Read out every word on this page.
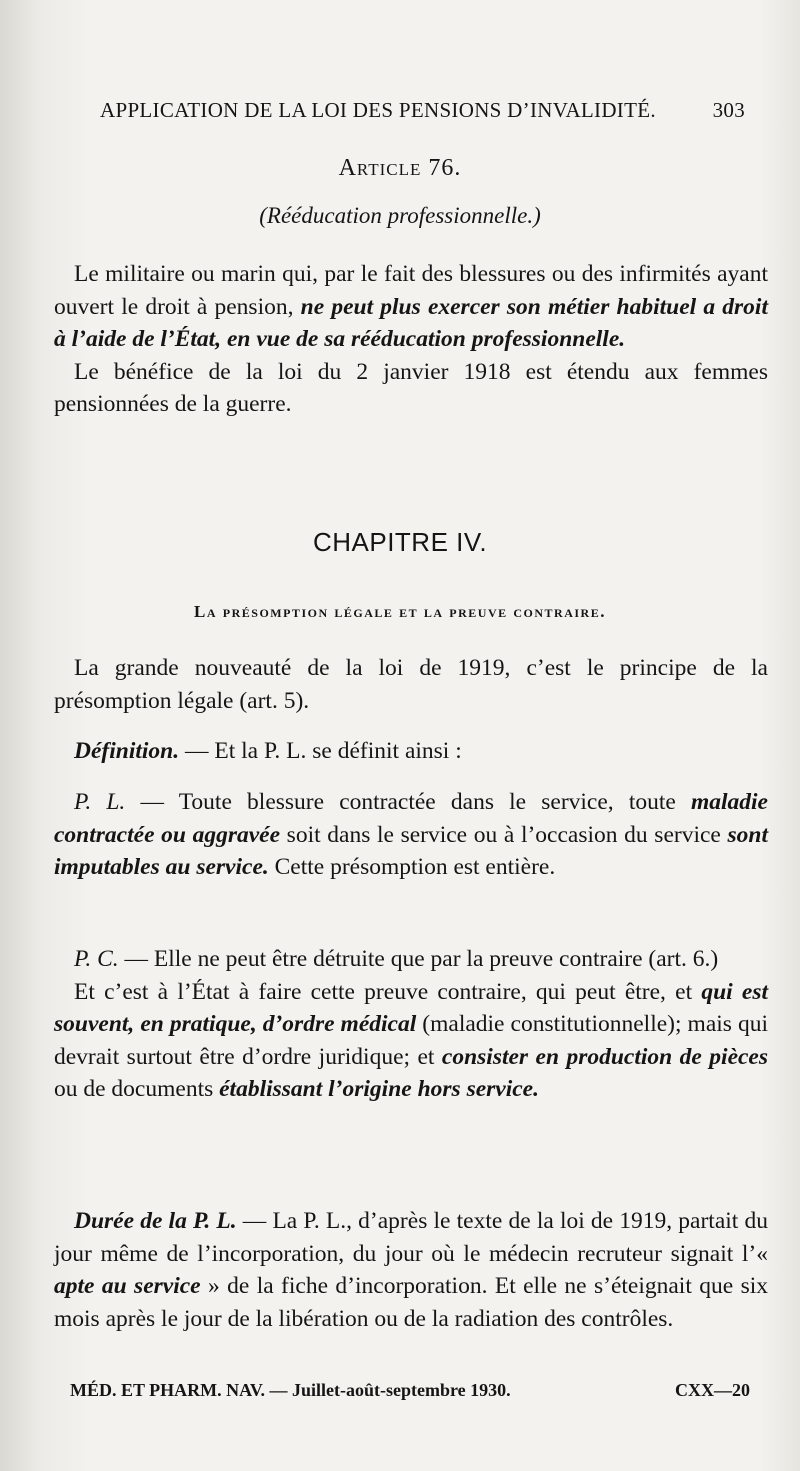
APPLICATION DE LA LOI DES PENSIONS D’INVALIDITÉ.	303
Article 76.
(Rééducation professionnelle.)

Le militaire ou marin qui, par le fait des blessures ou des infirmités ayant ouvert le droit à pension, ne peut plus exercer son métier habituel a droit à l’aide de l’État, en vue de sa rééducation professionnelle.

Le bénéfice de la loi du 2 janvier 1918 est étendu aux femmes pensionnées de la guerre.

CHAPITRE IV.
La présomption légale et la preuve contraire.

La grande nouveauté de la loi de 1919, c’est le principe de la présomption légale (art. 5).

Définition. — Et la P. L. se définit ainsi :

P. L. — Toute blessure contractée dans le service, toute maladie contractée ou aggravée soit dans le service ou à l’occasion du service sont imputables au service. Cette présomption est entière.

P. C. — Elle ne peut être détruite que par la preuve contraire (art. 6.)

Et c’est à l’État à faire cette preuve contraire, qui peut être, et qui est souvent, en pratique, d’ordre médical (maladie constitutionnelle); mais qui devrait surtout être d’ordre juridique; et consister en production de pièces ou de documents établissant l’origine hors service.

Durée de la P. L. — La P. L., d’après le texte de la loi de 1919, partait du jour même de l’incorporation, du jour où le médecin recruteur signait l’« apte au service » de la fiche d’incorporation. Et elle ne s’éteignait que six mois après le jour de la libération ou de la radiation des contrôles.

MÉD. ET PHARM. NAV. — Juillet-août-septembre 1930.	CXX—20
